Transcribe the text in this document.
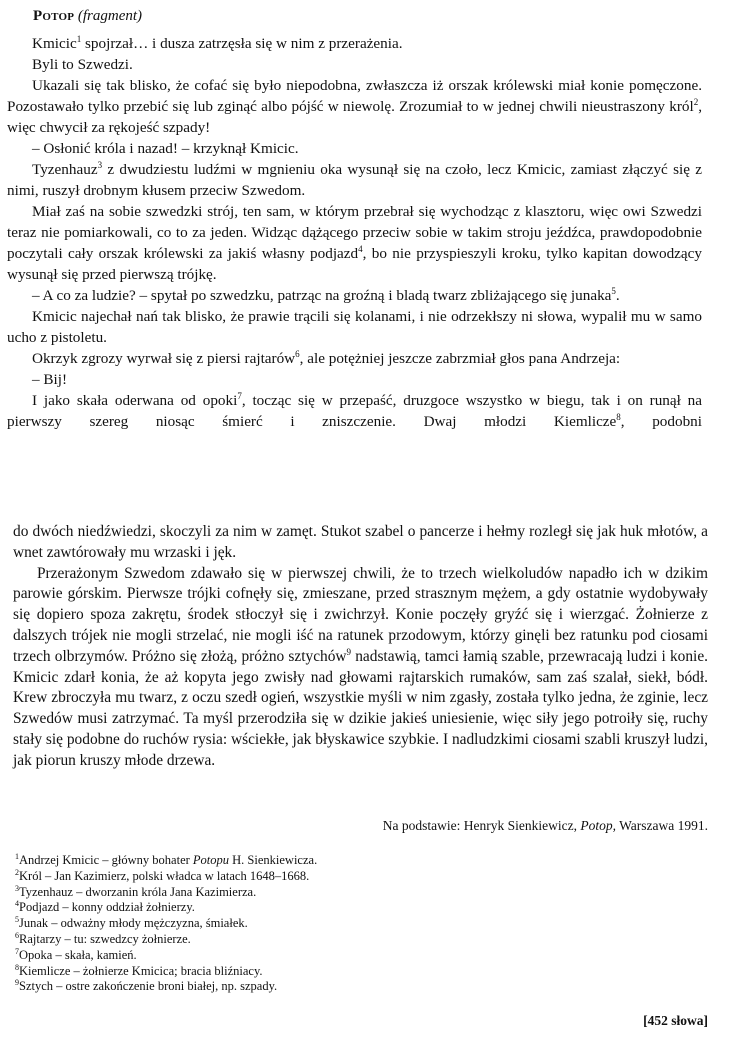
Potop (fragment)

Kmicic$^1$ spojrzał… i dusza zatrzęsła się w nim z przerażenia.

Byli to Szwedzi.

Ukazali się tak blisko, że cofać się było niepodobna, zwłaszcza iż orszak królewski miał konie pomęczone. Pozostawało tylko przebić się lub zginąć albo pójść w niewolę. Zrozumiał to w jednej chwili nieustraszony król$^2$, więc chwycił za rękojeść szpady!

– Osłonić króla i nazad! – krzyknął Kmicic.

Tyzenhauz$^3$ z dwudziestu ludźmi w mgnieniu oka wysunął się na czoło, lecz Kmicic, zamiast złączyć się z nimi, ruszył drobnym kłusem przeciw Szwedom.

Miał zaś na sobie szwedzki strój, ten sam, w którym przebrał się wychodząc z klasztoru, więc owi Szwedzi teraz nie pomiarkowali, co to za jeden. Widząc dążącego przeciw sobie w takim stroju jeźdźca, prawdopodobnie poczytali cały orszak królewski za jakiś własny podjazd$^4$, bo nie przyspieszyli kroku, tylko kapitan dowodzący wysunął się przed pierwszą trójkę.

– A co za ludzie? – spytał po szwedzku, patrząc na groźną i bladą twarz zbliżającego się junaka$^5$.

Kmicic najechał nań tak blisko, że prawie trącili się kolanami, i nie odrzekłszy ni słowa, wypalił mu w samo ucho z pistoletu.

Okrzyk zgrozy wyrwał się z piersi rajtarów$^6$, ale potężniej jeszcze zabrzmiał głos pana Andrzeja:

– Bij!

I jako skała oderwana od opoki$^7$, tocząc się w przepaść, druzgoce wszystko w biegu, tak i on runął na pierwszy szereg niosąc śmierć i zniszczenie. Dwaj młodzi Kiemlicze$^8$, podobni

do dwóch niedźwiedzi, skoczyli za nim w zamęt. Stukot szabel o pancerze i hełmy rozległ się jak huk młotów, a wnet zawtórowały mu wrzaski i jęk.

Przerażonym Szwedom zdawało się w pierwszej chwili, że to trzech wielkoludów napadło ich w dzikim parowie górskim. Pierwsze trójki cofnęły się, zmieszane, przed strasznym mężem, a gdy ostatnie wydobywały się dopiero spoza zakrętu, środek stłoczył się i zwichrzył. Konie poczęły gryźć się i wierzgać. Żołnierze z dalszych trójek nie mogli strzelać, nie mogli iść na ratunek przodowym, którzy ginęli bez ratunku pod ciosami trzech olbrzymów. Próżno się złożą, próżno sztychów$^9$ nadstawią, tamci łamią szable, przewracają ludzi i konie. Kmicic zdarł konia, że aż kopyta jego zwisły nad głowami rajtarskich rumaków, sam zaś szalał, siekł, bódł. Krew zbroczyła mu twarz, z oczu szedł ogień, wszystkie myśli w nim zgasły, została tylko jedna, że zginie, lecz Szwedów musi zatrzymać. Ta myśl przerodziła się w dzikie jakieś uniesienie, więc siły jego potroiły się, ruchy stały się podobne do ruchów rysia: wściekłe, jak błyskawice szybkie. I nadludzkimi ciosami szabli kruszył ludzi, jak piorun kruszy młode drzewa.

Na podstawie: Henryk Sienkiewicz, Potop, Warszawa 1991.
$^1$Andrzej Kmicic – główny bohater Potopu H. Sienkiewicza.
$^2$Król – Jan Kazimierz, polski władca w latach 1648–1668.
$^3$Tyzenhauz – dworzanin króla Jana Kazimierza.
$^4$Podjazd – konny oddział żołnierzy.
$^5$Junak – odważny młody mężczyzna, śmiałek.
$^6$Rajtarzy – tu: szwedzcy żołnierze.
$^7$Opoka – skała, kamień.
$^8$Kiemlicze – żołnierze Kmicica; bracia bliźniacy.
$^9$Sztych – ostre zakończenie broni białej, np. szpady.
[452 słowa]
